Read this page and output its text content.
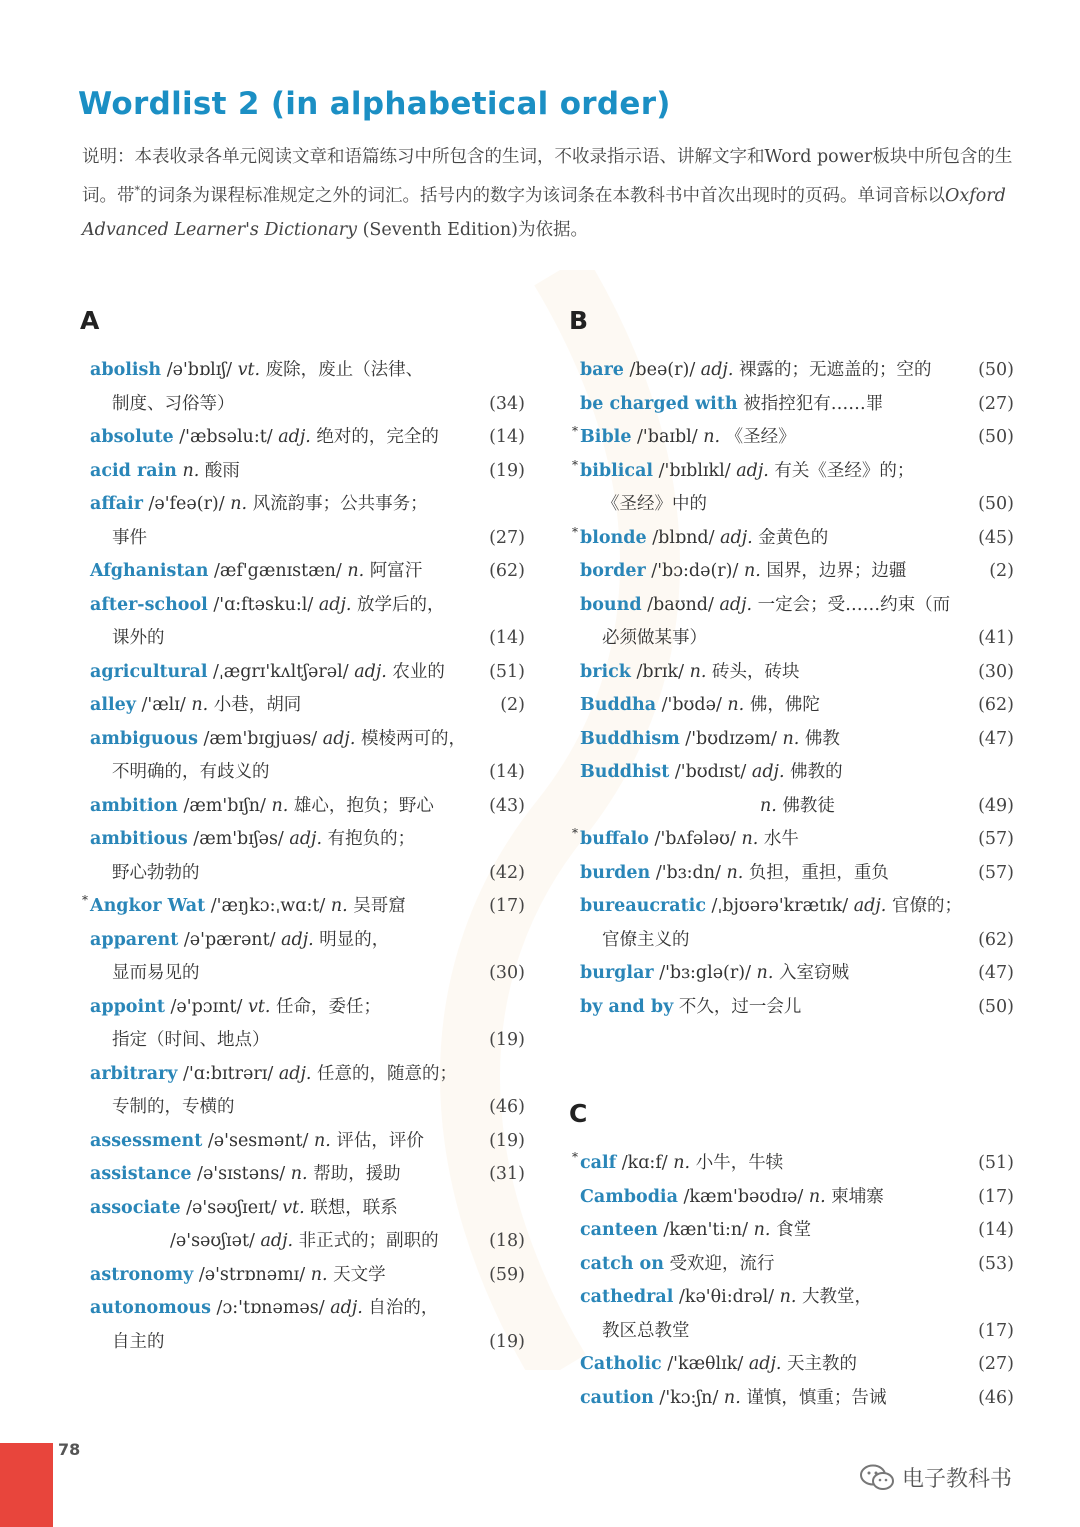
Wordlist 2 (in alphabetical order)
说明：本表收录各单元阅读文章和语篇练习中所包含的生词，不收录指示语、讲解文字和Word power板块中所包含的生词。带*的词条为课程标准规定之外的词汇。括号内的数字为该词条在本教科书中首次出现时的页码。单词音标以Oxford Advanced Learner's Dictionary (Seventh Edition)为依据。
A	B
C
abolish /ə'bɒlɪʃ/ vt. 废除，废止（法律、
制度、习俗等）	(34)
absolute /'æbsəlu:t/ adj. 绝对的，完全的	(14)
acid rain n. 酸雨	(19)
affair /ə'feə(r)/ n. 风流韵事；公共事务；
事件	(27)
Afghanistan /æf'gænɪstæn/ n. 阿富汗	(62)
after-school /'ɑ:ftəsku:l/ adj. 放学后的，
课外的	(14)
agricultural /ˌægrɪ'kʌltʃərəl/ adj. 农业的	(51)
alley /'ælɪ/ n. 小巷，胡同	(2)
ambiguous /æm'bɪgjuəs/ adj. 模棱两可的，
不明确的，有歧义的	(14)
ambition /æm'bɪʃn/ n. 雄心，抱负；野心	(43)
ambitious /æm'bɪʃəs/ adj. 有抱负的；
野心勃勃的	(42)
* Angkor Wat /'æŋkɔ:ˌwɑ:t/ n. 吴哥窟	(17)
apparent /ə'pærənt/ adj. 明显的，
显而易见的	(30)
appoint /ə'pɔɪnt/ vt. 任命，委任；
指定（时间、地点）	(19)
arbitrary /'ɑ:bɪtrərɪ/ adj. 任意的，随意的；
专制的，专横的	(46)
assessment /ə'sesmənt/ n. 评估，评价	(19)
assistance /ə'sɪstəns/ n. 帮助，援助	(31)
associate /ə'səʊʃɪeɪt/ vt. 联想，联系
/ə'səʊʃɪət/ adj. 非正式的；副职的	(18)
astronomy /ə'strɒnəmɪ/ n. 天文学	(59)
autonomous /ɔ:'tɒnəməs/ adj. 自治的，
自主的	(19)
bare /beə(r)/ adj. 裸露的；无遮盖的；空的	(50)
be charged with 被指控犯有……罪	(27)
* Bible /'baɪbl/ n. 《圣经》	(50)
* biblical /'bɪblɪkl/ adj. 有关《圣经》的；
《圣经》中的	(50)
* blonde /blɒnd/ adj. 金黄色的	(45)
border /'bɔ:də(r)/ n. 国界，边界；边疆	(2)
bound /baʊnd/ adj. 一定会；受……约束（而
必须做某事）	(41)
brick /brɪk/ n. 砖头，砖块	(30)
Buddha /'bʊdə/ n. 佛，佛陀	(62)
Buddhism /'bʊdɪzəm/ n. 佛教	(47)
Buddhist /'bʊdɪst/ adj. 佛教的
n. 佛教徒	(49)
* buffalo /'bʌfələʊ/ n. 水牛	(57)
burden /'bɜ:dn/ n. 负担，重担，重负	(57)
bureaucratic /ˌbjʊərə'krætɪk/ adj. 官僚的；
官僚主义的	(62)
burglar /'bɜ:glə(r)/ n. 入室窃贼	(47)
by and by 不久，过一会儿	(50)
* calf /kɑ:f/ n. 小牛，牛犊	(51)
Cambodia /kæm'bəʊdɪə/ n. 柬埔寨	(17)
canteen /kæn'ti:n/ n. 食堂	(14)
catch on 受欢迎，流行	(53)
cathedral /kə'θi:drəl/ n. 大教堂，
教区总教堂	(17)
Catholic /'kæθlɪk/ adj. 天主教的	(27)
caution /'kɔ:ʃn/ n. 谨慎，慎重；告诫	(46)
78
电子教科书
